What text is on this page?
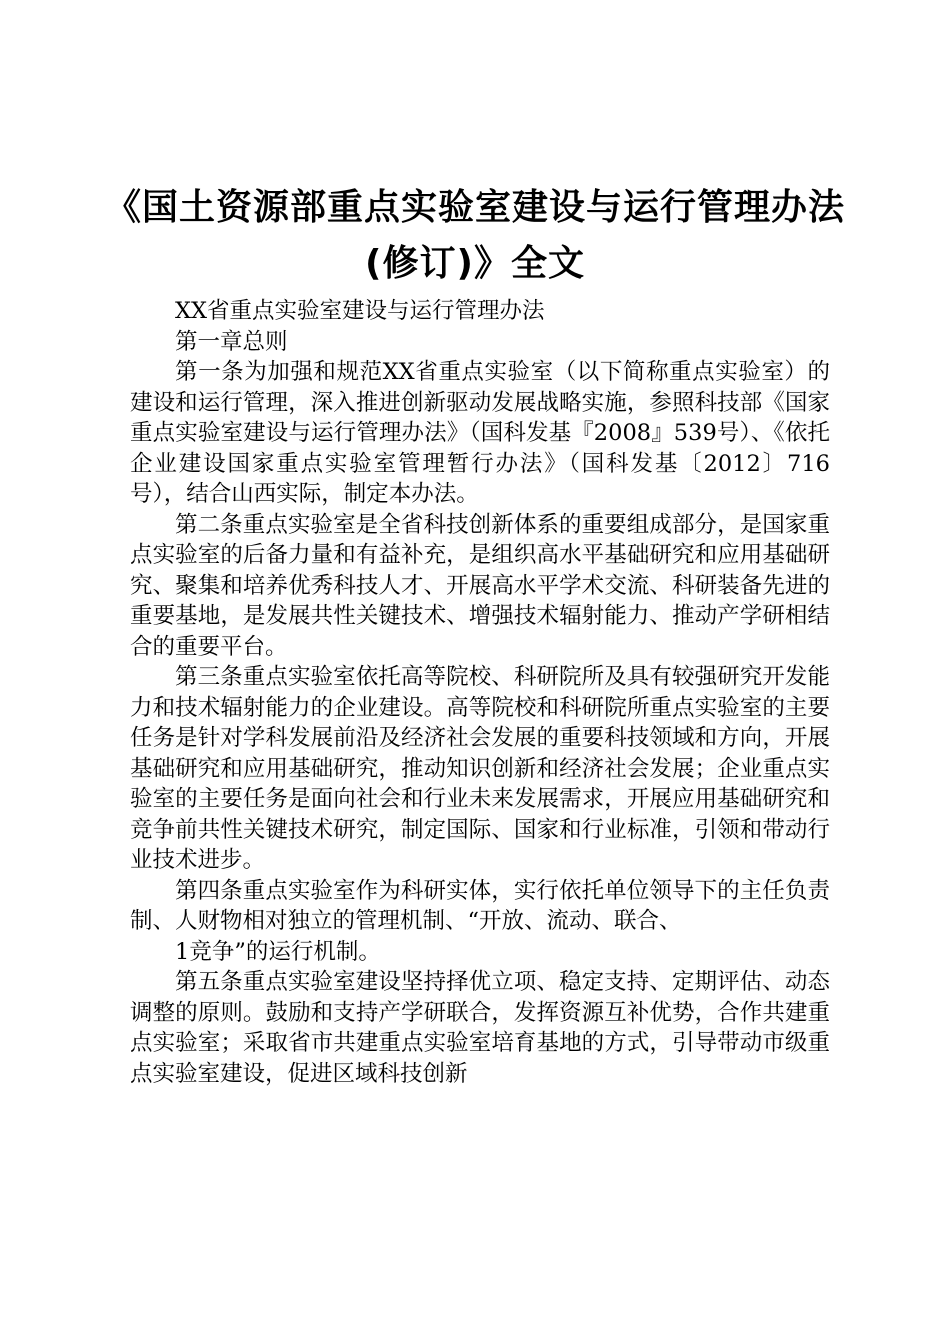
《国土资源部重点实验室建设与运行管理办法
(修订)》全文

XX省重点实验室建设与运行管理办法

第一章总则

第一条为加强和规范XX省重点实验室（以下简称重点实验室）的建设和运行管理，深入推进创新驱动发展战略实施，参照科技部《国家重点实验室建设与运行管理办法》（国科发基『2008』539号）、《依托企业建设国家重点实验室管理暂行办法》（国科发基〔2012〕716号），结合山西实际，制定本办法。

第二条重点实验室是全省科技创新体系的重要组成部分，是国家重点实验室的后备力量和有益补充，是组织高水平基础研究和应用基础研究、聚集和培养优秀科技人才、开展高水平学术交流、科研装备先进的重要基地，是发展共性关键技术、增强技术辐射能力、推动产学研相结合的重要平台。

第三条重点实验室依托高等院校、科研院所及具有较强研究开发能力和技术辐射能力的企业建设。高等院校和科研院所重点实验室的主要任务是针对学科发展前沿及经济社会发展的重要科技领域和方向，开展基础研究和应用基础研究，推动知识创新和经济社会发展；企业重点实验室的主要任务是面向社会和行业未来发展需求，开展应用基础研究和竞争前共性关键技术研究，制定国际、国家和行业标准，引领和带动行业技术进步。

第四条重点实验室作为科研实体，实行依托单位领导下的主任负责制、人财物相对独立的管理机制、“开放、流动、联合、

1竞争”的运行机制。

第五条重点实验室建设坚持择优立项、稳定支持、定期评估、动态调整的原则。鼓励和支持产学研联合，发挥资源互补优势，合作共建重点实验室；采取省市共建重点实验室培育基地的方式，引导带动市级重点实验室建设，促进区域科技创新
